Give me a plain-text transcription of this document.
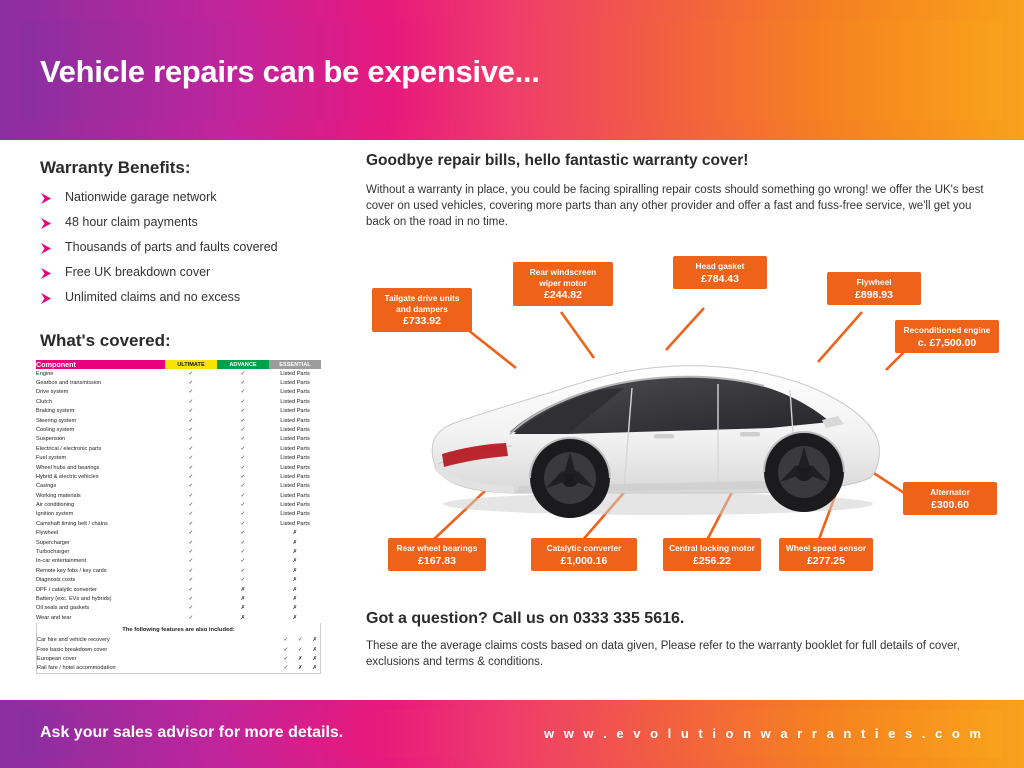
Vehicle repairs can be expensive...
Warranty Benefits:
Nationwide garage network
48 hour claim payments
Thousands of parts and faults covered
Free UK breakdown cover
Unlimited claims and no excess
What's covered:
Component	ULTIMATE	ADVANCE	ESSENTIAL
Engine	✓	✓	Listed Parts
Gearbox and transmission	✓	✓	Listed Parts
Drive system	✓	✓	Listed Parts
Clutch	✓	✓	Listed Parts
Braking system	✓	✓	Listed Parts
Steering system	✓	✓	Listed Parts
Cooling system	✓	✓	Listed Parts
Suspension	✓	✓	Listed Parts
Electrical / electronic parts	✓	✓	Listed Parts
Fuel system	✓	✓	Listed Parts
Wheel hubs and bearings	✓	✓	Listed Parts
Hybrid & electric vehicles	✓	✓	Listed Parts
Casings	✓	✓	Listed Parts
Working materials	✓	✓	Listed Parts
Air conditioning	✓	✓	Listed Parts
Ignition system	✓	✓	Listed Parts
Camshaft timing belt / chains	✓	✓	Listed Parts
Flywheel	✓	✓	✗
Supercharger	✓	✓	✗
Turbocharger	✓	✓	✗
In-car entertainment	✓	✓	✗
Remote key fobs / key cards	✓	✓	✗
Diagnosis costs	✓	✓	✗
DPF / catalytic converter	✓	✗	✗
Battery (exc. EVs and hybrids)	✓	✗	✗
Oil seals and gaskets	✓	✗	✗
Wear and tear	✓	✗	✗
The following features are also included:
Car hire and vehicle recovery	✓	✓	✗
Free basic breakdown cover	✓	✓	✗
European cover	✓	✗	✗
Rail fare / hotel accommodation	✓	✗	✗
Goodbye repair bills, hello fantastic warranty cover!
Without a warranty in place, you could be facing spiralling repair costs should something go wrong! we offer the UK's best cover on used vehicles, covering more parts than any other provider and offer a fast and fuss-free service, we'll get you back on the road in no time.
Tailgate drive units and dampers
£733.92
Rear windscreen wiper motor
£244.82
Head gasket
£784.43	Flywheel
£898.93
Reconditioned engine
c. £7,500.00
Alternator
£300.60
Rear wheel bearings
£167.83
Catalytic converter
£1,000.16
Central locking motor
£256.22
Wheel speed sensor
£277.25
Got a question? Call us on 0333 335 5616.
These are the average claims costs based on data given, Please refer to the warranty booklet for full details of cover, exclusions and terms & conditions.
Ask your sales advisor for more details.	w w w . e v o l u t i o n w a r r a n t i e s . c o m
